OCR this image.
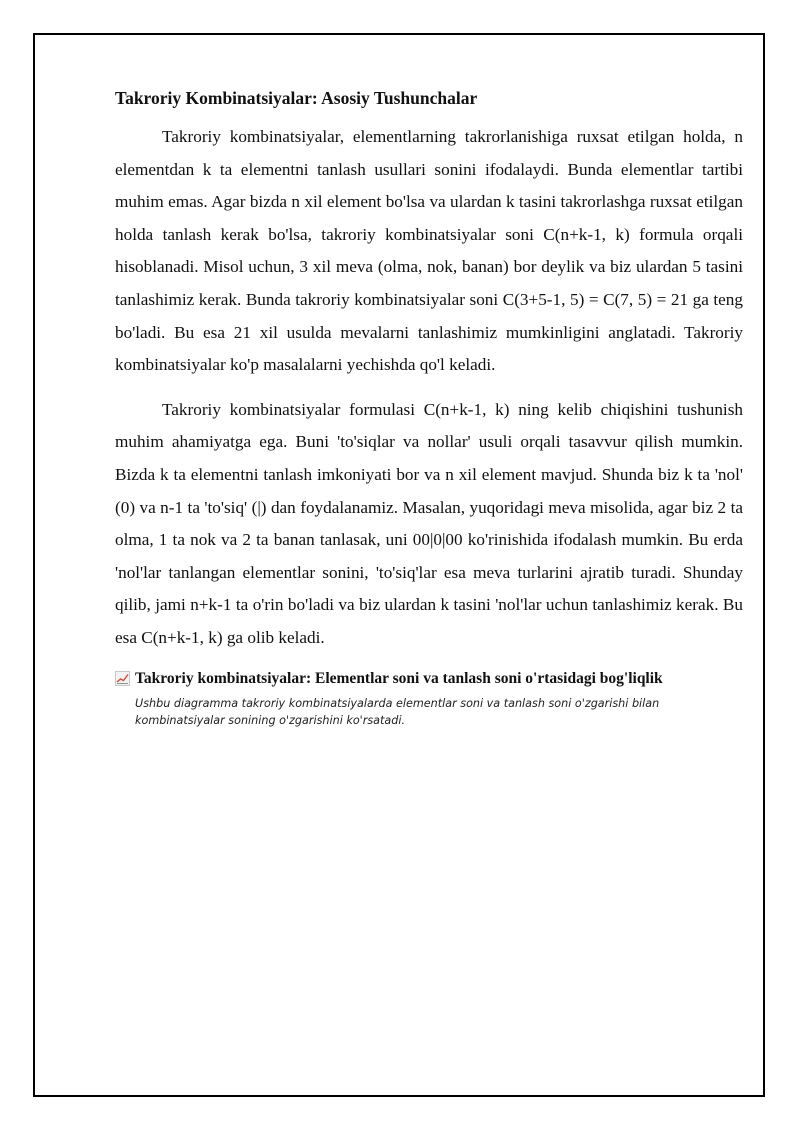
Takroriy Kombinatsiyalar: Asosiy Tushunchalar

Takroriy kombinatsiyalar, elementlarning takrorlanishiga ruxsat etilgan holda, n elementdan k ta elementni tanlash usullari sonini ifodalaydi. Bunda elementlar tartibi muhim emas. Agar bizda n xil element bo'lsa va ulardan k tasini takrorlashga ruxsat etilgan holda tanlash kerak bo'lsa, takroriy kombinatsiyalar soni C(n+k-1, k) formula orqali hisoblanadi. Misol uchun, 3 xil meva (olma, nok, banan) bor deylik va biz ulardan 5 tasini tanlashimiz kerak. Bunda takroriy kombinatsiyalar soni C(3+5-1, 5) = C(7, 5) = 21 ga teng bo'ladi. Bu esa 21 xil usulda mevalarni tanlashimiz mumkinligini anglatadi. Takroriy kombinatsiyalar ko'p masalalarni yechishda qo'l keladi.

Takroriy kombinatsiyalar formulasi C(n+k-1, k) ning kelib chiqishini tushunish muhim ahamiyatga ega. Buni 'to'siqlar va nollar' usuli orqali tasavvur qilish mumkin. Bizda k ta elementni tanlash imkoniyati bor va n xil element mavjud. Shunda biz k ta 'nol' (0) va n-1 ta 'to'siq' (|) dan foydalanamiz. Masalan, yuqoridagi meva misolida, agar biz 2 ta olma, 1 ta nok va 2 ta banan tanlasak, uni 00|0|00 ko'rinishida ifodalash mumkin. Bu erda 'nol'lar tanlangan elementlar sonini, 'to'siq'lar esa meva turlarini ajratib turadi. Shunday qilib, jami n+k-1 ta o'rin bo'ladi va biz ulardan k tasini 'nol'lar uchun tanlashimiz kerak. Bu esa C(n+k-1, k) ga olib keladi.

Takroriy kombinatsiyalar: Elementlar soni va tanlash soni o'rtasidagi bog'liqlik
Ushbu diagramma takroriy kombinatsiyalarda elementlar soni va tanlash soni o'zgarishi bilan kombinatsiyalar sonining o'zgarishini ko'rsatadi.
